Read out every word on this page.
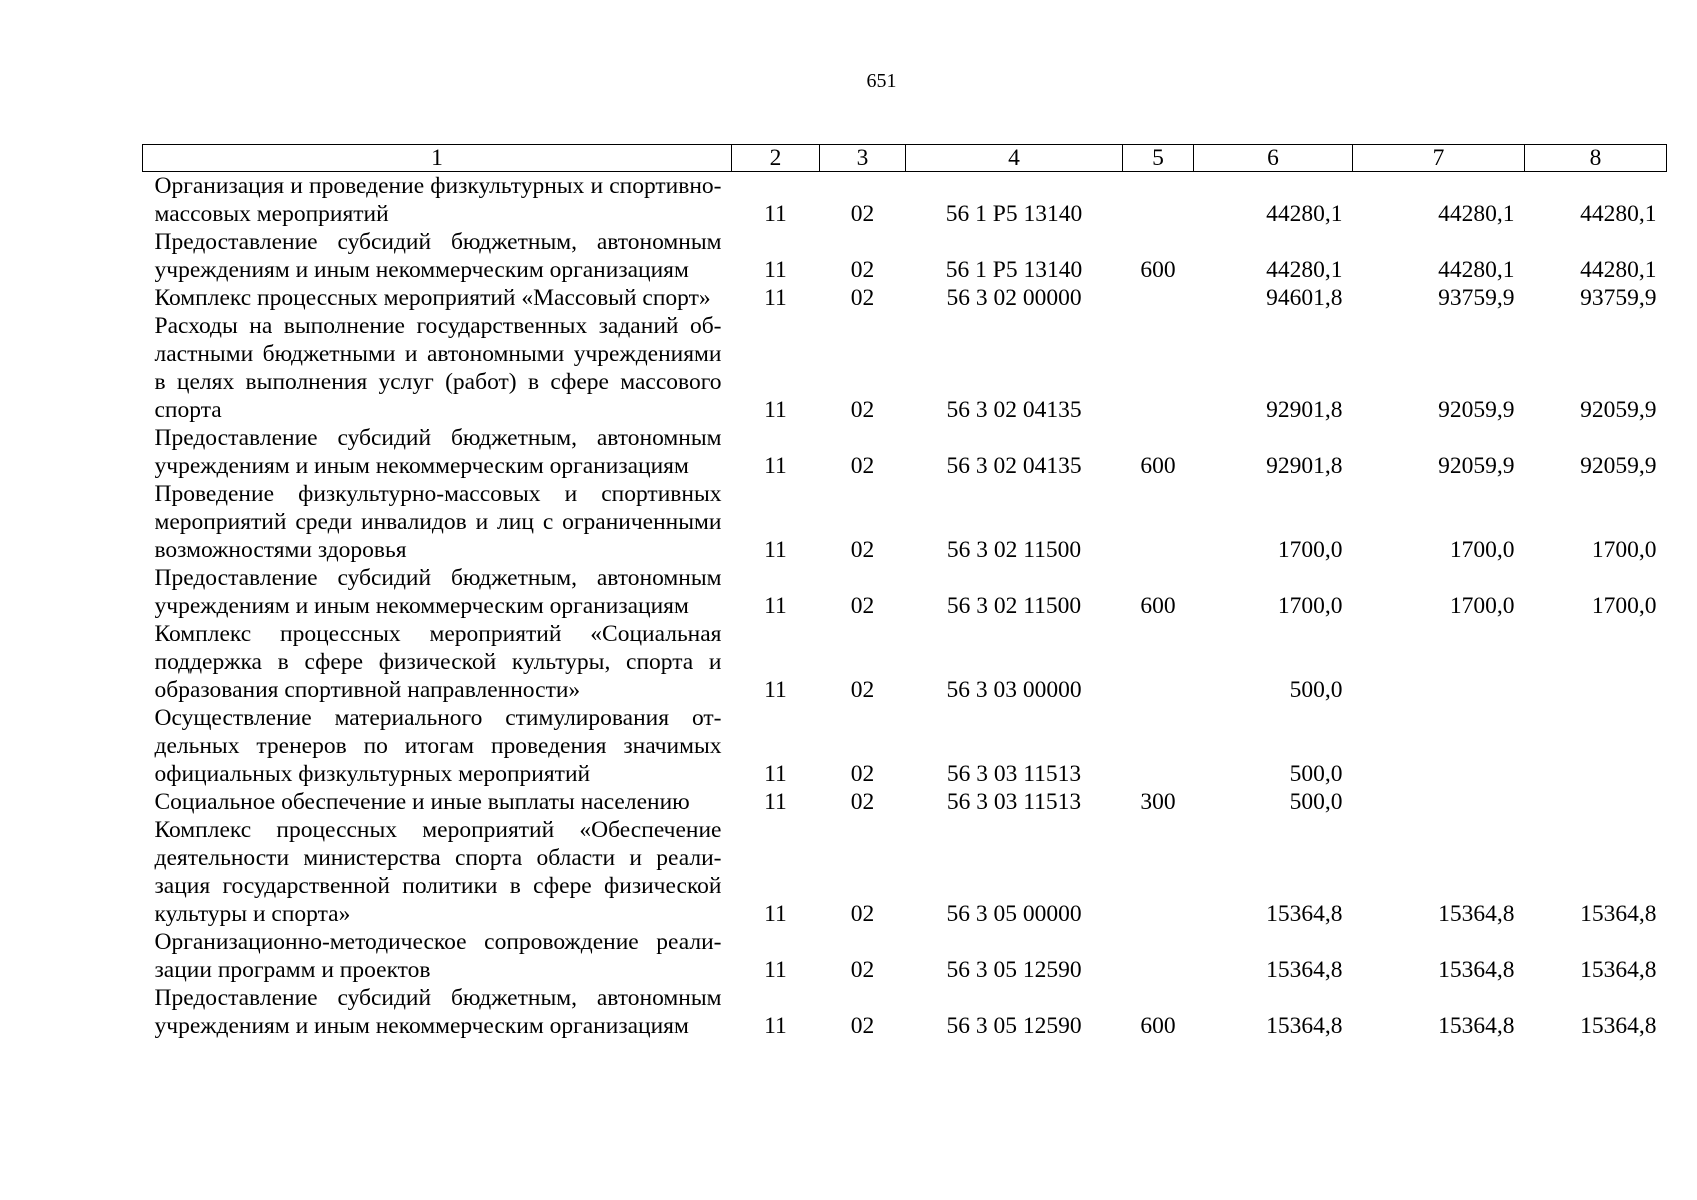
651
1	2	3	4	5	6	7	8
Организация и проведение физкультурных и спортивно-массовых мероприятий	11	02	56 1 Р5 13140		44280,1	44280,1	44280,1
Предоставление субсидий бюджетным, автономным учреждениям и иным некоммерческим организациям	11	02	56 1 Р5 13140	600	44280,1	44280,1	44280,1
Комплекс процессных мероприятий «Массовый спорт»	11	02	56 3 02 00000		94601,8	93759,9	93759,9
Расходы на выполнение государственных заданий областными бюджетными и автономными учреждениями в целях выполнения услуг (работ) в сфере массового спорта	11	02	56 3 02 04135		92901,8	92059,9	92059,9
Предоставление субсидий бюджетным, автономным учреждениям и иным некоммерческим организациям	11	02	56 3 02 04135	600	92901,8	92059,9	92059,9
Проведение физкультурно-массовых и спортивных мероприятий среди инвалидов и лиц с ограниченными возможностями здоровья	11	02	56 3 02 11500		1700,0	1700,0	1700,0
Предоставление субсидий бюджетным, автономным учреждениям и иным некоммерческим организациям	11	02	56 3 02 11500	600	1700,0	1700,0	1700,0
Комплекс процессных мероприятий «Социальная поддержка в сфере физической культуры, спорта и образования спортивной направленности»	11	02	56 3 03 00000		500,0		
Осуществление материального стимулирования отдельных тренеров по итогам проведения значимых официальных физкультурных мероприятий	11	02	56 3 03 11513		500,0		
Социальное обеспечение и иные выплаты населению	11	02	56 3 03 11513	300	500,0		
Комплекс процессных мероприятий «Обеспечение деятельности министерства спорта области и реализация государственной политики в сфере физической культуры и спорта»	11	02	56 3 05 00000		15364,8	15364,8	15364,8
Организационно-методическое сопровождение реализации программ и проектов	11	02	56 3 05 12590		15364,8	15364,8	15364,8
Предоставление субсидий бюджетным, автономным учреждениям и иным некоммерческим организациям	11	02	56 3 05 12590	600	15364,8	15364,8	15364,8
